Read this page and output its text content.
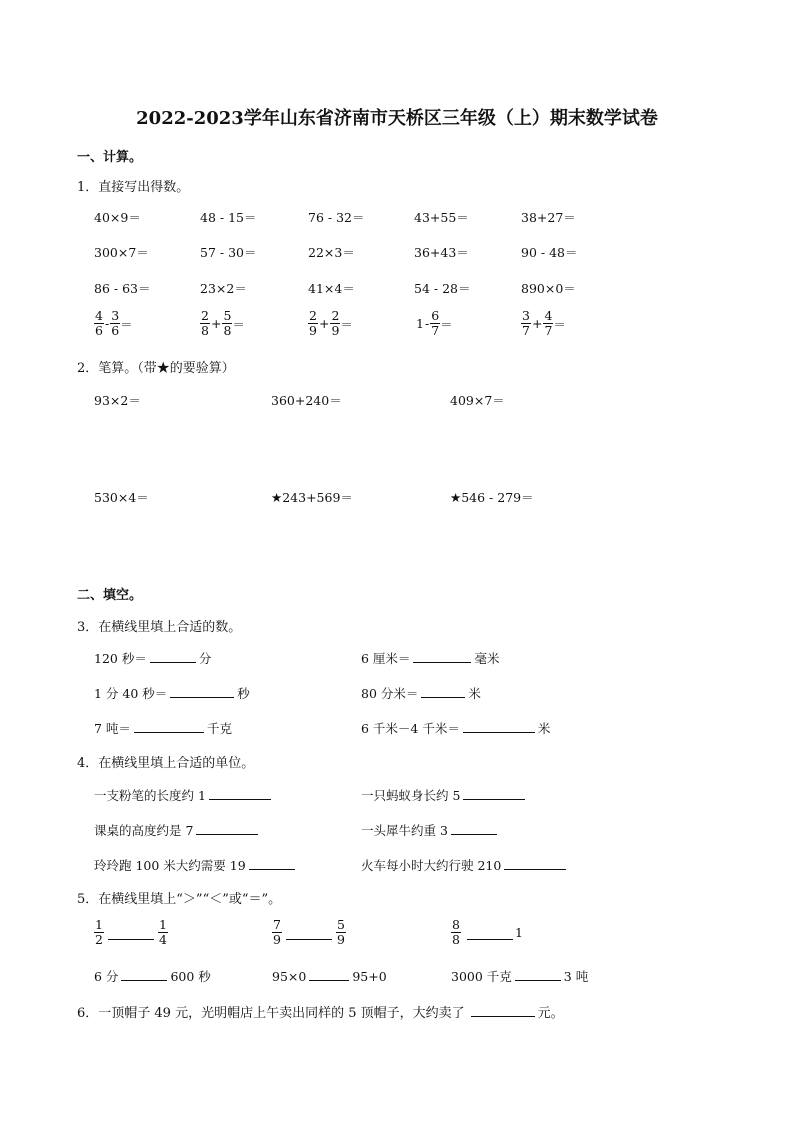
2022-2023学年山东省济南市天桥区三年级（上）期末数学试卷
一、计算。
1．直接写出得数。
40×9＝	48 - 15＝	76 - 32＝	43+55＝	38+27＝
300×7＝	57 - 30＝	22×3＝	36+43＝	90 - 48＝
86 - 63＝	23×2＝	41×4＝	54 - 28＝	890×0＝
$\frac{4}{6} - \frac{3}{6}$ ＝	$\frac{2}{8} + \frac{5}{8}$ ＝	$\frac{2}{9} + \frac{2}{9}$ ＝	$1 - \frac{6}{7}$ ＝	$\frac{3}{7} + \frac{4}{7}$ ＝
2．笔算。（带★的要验算）
93×2＝	360+240＝	409×7＝
530×4＝	★243+569＝	★546 - 279＝
二、填空。
3．在横线里填上合适的数。
120 秒＝	分	6 厘米＝	毫米
1 分 40 秒＝	秒	80 分米＝	米
7 吨＝	千克	6 千米－4 千米＝	米
4．在横线里填上合适的单位。
一支粉笔的长度约 1	一只蚂蚁身长约 5
课桌的高度约是 7	一头犀牛约重 3
玲玲跑 100 米大约需要 19	火车每小时大约行驶 210
5．在横线里填上“＞”“＜”或“＝”。
$\frac{1}{2}$	$\frac{1}{4}$	$\frac{7}{9}$	$\frac{5}{9}$	$\frac{8}{8}$	1
6 分	600 秒	95×0	95+0	3000 千克	3 吨
6．一顶帽子 49 元，光明帽店上午卖出同样的 5 顶帽子，大约卖了	元。
